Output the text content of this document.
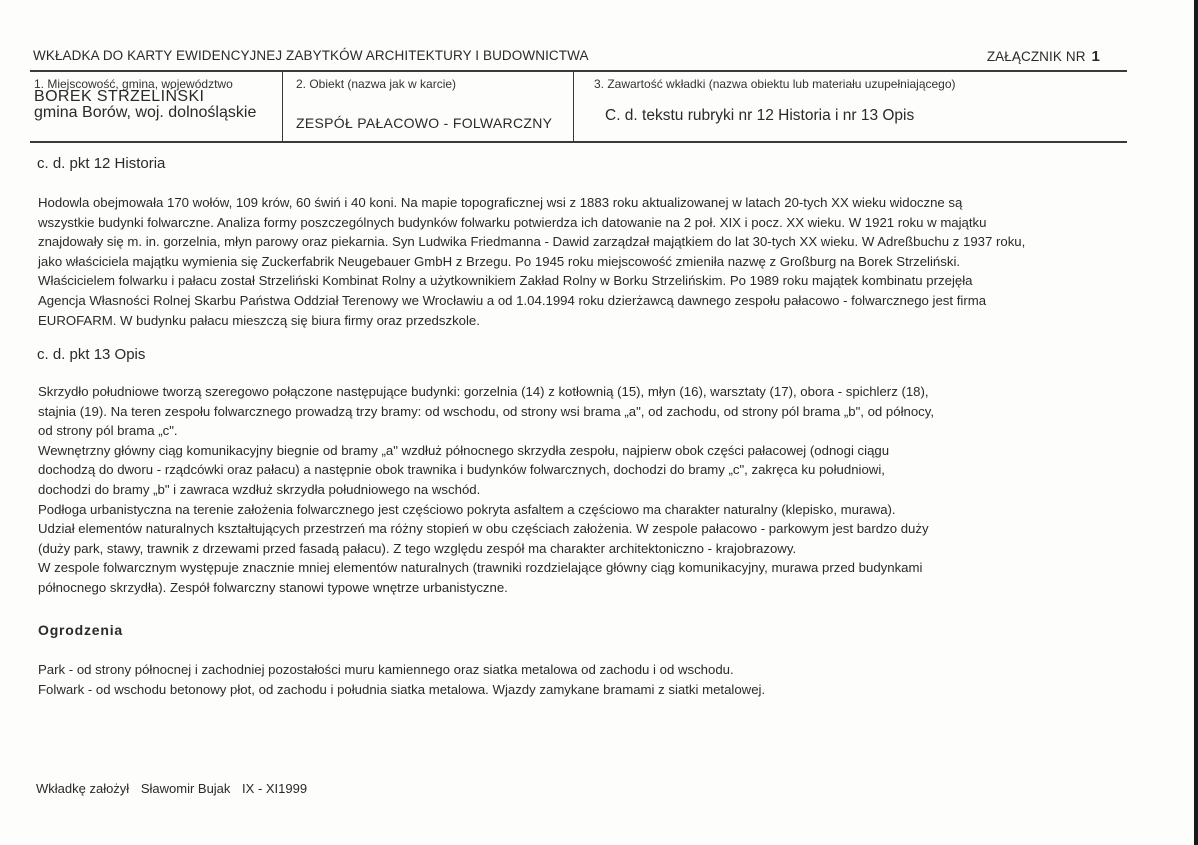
WKŁADKA DO KARTY EWIDENCYJNEJ ZABYTKÓW ARCHITEKTURY I BUDOWNICTWA	ZAŁĄCZNIK NR 1
1. Miejscowość, gmina, województwo
BOREK STRZELIŃSKI
gmina Borów, woj. dolnośląskie
2. Obiekt (nazwa jak w karcie)
ZESPÓŁ PAŁACOWO - FOLWARCZNY
3. Zawartość wkładki (nazwa obiektu lub materiału uzupełniającego)
C. d. tekstu rubryki nr 12 Historia i nr 13 Opis
c. d. pkt 12 Historia
Hodowla obejmowała 170 wołów, 109 krów, 60 świń i 40 koni. Na mapie topograficznej wsi z 1883 roku aktualizowanej w latach 20-tych XX wieku widoczne są
wszystkie budynki folwarczne. Analiza formy poszczególnych budynków folwarku potwierdza ich datowanie na 2 poł. XIX i pocz. XX wieku. W 1921 roku w majątku
znajdowały się m. in. gorzelnia, młyn parowy oraz piekarnia. Syn Ludwika Friedmanna - Dawid zarządzał majątkiem do lat 30-tych XX wieku. W Adreßbuchu z 1937 roku,
jako właściciela majątku wymienia się Zuckerfabrik Neugebauer GmbH z Brzegu. Po 1945 roku miejscowość zmieniła nazwę z Großburg na Borek Strzeliński.
Właścicielem folwarku i pałacu został Strzeliński Kombinat Rolny a użytkownikiem Zakład Rolny w Borku Strzelińskim. Po 1989 roku majątek kombinatu przejęła
Agencja Własności Rolnej Skarbu Państwa Oddział Terenowy we Wrocławiu a od 1.04.1994 roku dzierżawcą dawnego zespołu pałacowo - folwarcznego jest firma
EUROFARM. W budynku pałacu mieszczą się biura firmy oraz przedszkole.
c. d. pkt 13 Opis
Skrzydło południowe tworzą szeregowo połączone następujące budynki: gorzelnia (14) z kotłownią (15), młyn (16), warsztaty (17), obora - spichlerz (18),
stajnia (19). Na teren zespołu folwarcznego prowadzą trzy bramy: od wschodu, od strony wsi brama „a", od zachodu, od strony pól brama „b", od północy,
od strony pól brama „c".
Wewnętrzny główny ciąg komunikacyjny biegnie od bramy „a" wzdłuż północnego skrzydła zespołu, najpierw obok części pałacowej (odnogi ciągu
dochodzą do dworu - rządcówki oraz pałacu) a następnie obok trawnika i budynków folwarcznych, dochodzi do bramy „c", zakręca ku południowi,
dochodzi do bramy „b" i zawraca wzdłuż skrzydła południowego na wschód.
Podłoga urbanistyczna na terenie założenia folwarcznego jest częściowo pokryta asfaltem a częściowo ma charakter naturalny (klepisko, murawa).
Udział elementów naturalnych kształtujących przestrzeń ma różny stopień w obu częściach założenia. W zespole pałacowo - parkowym jest bardzo duży
(duży park, stawy, trawnik z drzewami przed fasadą pałacu). Z tego względu zespół ma charakter architektoniczno - krajobrazowy.
W zespole folwarcznym występuje znacznie mniej elementów naturalnych (trawniki rozdzielające główny ciąg komunikacyjny, murawa przed budynkami
północnego skrzydła). Zespół folwarczny stanowi typowe wnętrze urbanistyczne.
Ogrodzenia
Park - od strony północnej i zachodniej pozostałości muru kamiennego oraz siatka metalowa od zachodu i od wschodu.
Folwark - od wschodu betonowy płot, od zachodu i południa siatka metalowa. Wjazdy zamykane bramami z siatki metalowej.
Wkładkę założył Sławomir Bujak IX - XI1999
